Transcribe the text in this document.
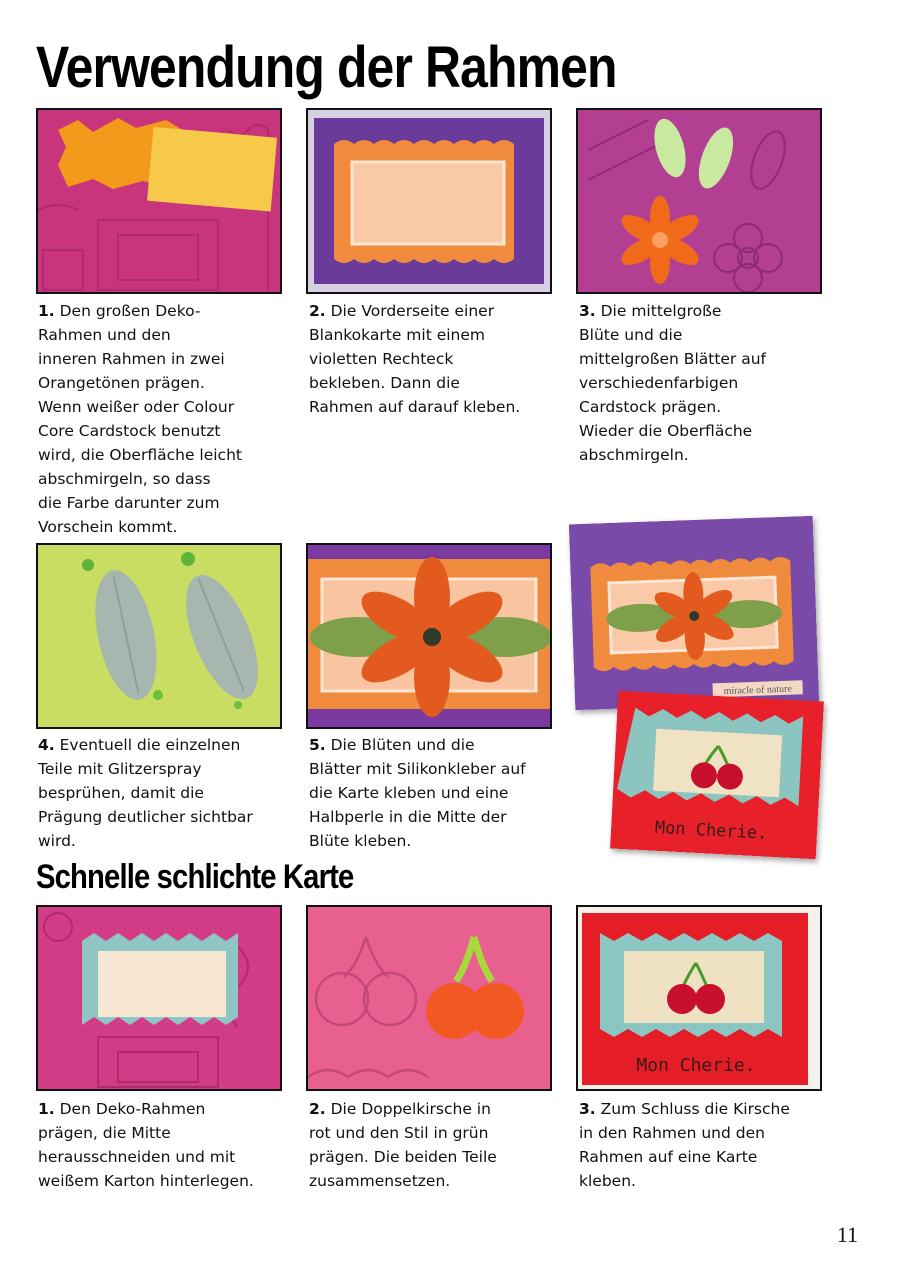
Verwendung der Rahmen
1. Den großen Deko-
Rahmen und den
inneren Rahmen in zwei
Orangetönen prägen.
Wenn weißer oder Colour
Core Cardstock benutzt
wird, die Oberfläche leicht
abschmirgeln, so dass
die Farbe darunter zum
Vorschein kommt.
2. Die Vorderseite einer
Blankokarte mit einem
violetten Rechteck
bekleben. Dann die
Rahmen auf darauf kleben.
3. Die mittelgroße
Blüte und die
mittelgroßen Blätter auf
verschiedenfarbigen
Cardstock prägen.
Wieder die Oberfläche
abschmirgeln.
miracle of nature
Mon Cherie.
4. Eventuell die einzelnen
Teile mit Glitzerspray
besprühen, damit die
Prägung deutlicher sichtbar
wird.
5. Die Blüten und die
Blätter mit Silikonkleber auf
die Karte kleben und eine
Halbperle in die Mitte der
Blüte kleben.
Schnelle schlichte Karte
Mon Cherie.
1. Den Deko-Rahmen
prägen, die Mitte
herausschneiden und mit
weißem Karton hinterlegen.
2. Die Doppelkirsche in
rot und den Stil in grün
prägen. Die beiden Teile
zusammensetzen.
3. Zum Schluss die Kirsche
in den Rahmen und den
Rahmen auf eine Karte
kleben.
11
